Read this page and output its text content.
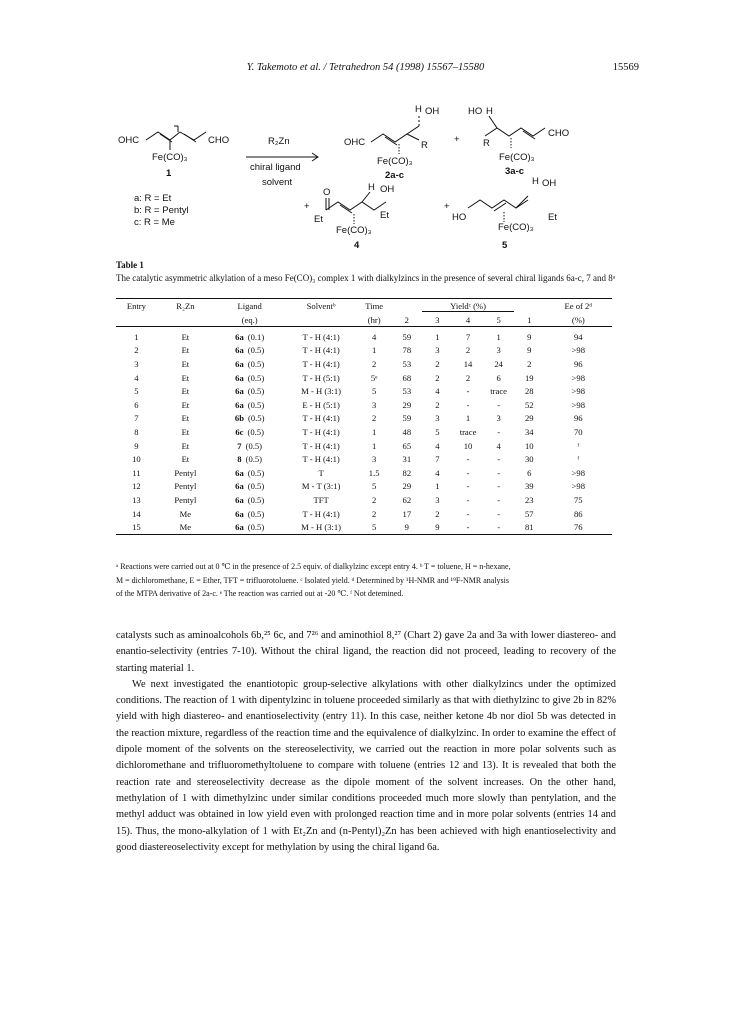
Y. Takemoto et al. / Tetrahedron 54 (1998) 15567–15580	15569
OHC	CHO
Fe(CO)₃
1
R₂Zn
chiral ligand
solvent
a: R = Et
b: R = Pentyl
c: R = Me
OHC
H OH
R
Fe(CO)₃
2a-c
+
HO H
R
CHO
Fe(CO)₃
3a-c
+
O
Et	Et
H OH
Fe(CO)₃
4
+
HO
H OH
Et
Fe(CO)₃
5
Table 1
The catalytic asymmetric alkylation of a meso Fe(CO)₃ complex 1 with dialkylzincs in the presence of several chiral ligands 6a-c, 7 and 8ᵃ
Entry	R₂Zn	Ligand	Solventᵇ	Time	Yieldᶜ (%)					Ee of 2ᵈ
		(eq.)		(hr)	2	3	4	5	1	(%)
1	Et	6a (0.1)	T - H (4:1)	4	59	1	7	1	9	94
2	Et	6a (0.5)	T - H (4:1)	1	78	3	2	3	9	>98
3	Et	6a (0.5)	T - H (4:1)	2	53	2	14	24	2	96
4	Et	6a (0.5)	T - H (5:1)	5ᵉ	68	2	2	6	19	>98
5	Et	6a (0.5)	M - H (3:1)	5	53	4	-	trace	28	>98
6	Et	6a (0.5)	E - H (5:1)	3	29	2	-	-	52	>98
7	Et	6b (0.5)	T - H (4:1)	2	59	3	1	3	29	96
8	Et	6c (0.5)	T - H (4:1)	1	48	5	trace	-	34	70
9	Et	7 (0.5)	T - H (4:1)	1	65	4	10	4	10	ᶠ
10	Et	8 (0.5)	T - H (4:1)	3	31	7	-	-	30	ᶠ
11	Pentyl	6a (0.5)	T	1.5	82	4	-	-	6	>98
12	Pentyl	6a (0.5)	M - T (3:1)	5	29	1	-	-	39	>98
13	Pentyl	6a (0.5)	TFT	2	62	3	-	-	23	75
14	Me	6a (0.5)	T - H (4:1)	2	17	2	-	-	57	86
15	Me	6a (0.5)	M - H (3:1)	5	9	9	-	-	81	76
ᵃ Reactions were carried out at 0 ℃ in the presence of 2.5 equiv. of dialkylzinc except entry 4. ᵇ T = toluene, H = n-hexane,
M = dichloromethane, E = Ether, TFT = trifluorotoluene. ᶜ Isolated yield. ᵈ Determined by ¹H-NMR and ¹⁹F-NMR analysis
of the MTPA derivative of 2a-c. ᵉ The reaction was carried out at -20 ℃. ᶠ Not detemined.

catalysts such as aminoalcohols 6b,²⁵ 6c, and 7²⁶ and aminothiol 8,²⁷ (Chart 2) gave 2a and 3a with lower diastereo- and enantio-selectivity (entries 7-10). Without the chiral ligand, the reaction did not proceed, leading to recovery of the starting material 1.

We next investigated the enantiotopic group-selective alkylations with other dialkylzincs under the optimized conditions. The reaction of 1 with dipentylzinc in toluene proceeded similarly as that with diethylzinc to give 2b in 82% yield with high diastereo- and enantioselectivity (entry 11). In this case, neither ketone 4b nor diol 5b was detected in the reaction mixture, regardless of the reaction time and the equivalence of dialkylzinc. In order to examine the effect of dipole moment of the solvents on the stereoselectivity, we carried out the reaction in more polar solvents such as dichloromethane and trifluoromethyltoluene to compare with toluene (entries 12 and 13). It is revealed that both the reaction rate and stereoselectivity decrease as the dipole moment of the solvent increases. On the other hand, methylation of 1 with dimethylzinc under similar conditions proceeded much more slowly than pentylation, and the methyl adduct was obtained in low yield even with prolonged reaction time and in more polar solvents (entries 14 and 15). Thus, the mono-alkylation of 1 with Et₂Zn and (n-Pentyl)₂Zn has been achieved with high enantioselectivity and good diastereoselectivity except for methylation by using the chiral ligand 6a.
